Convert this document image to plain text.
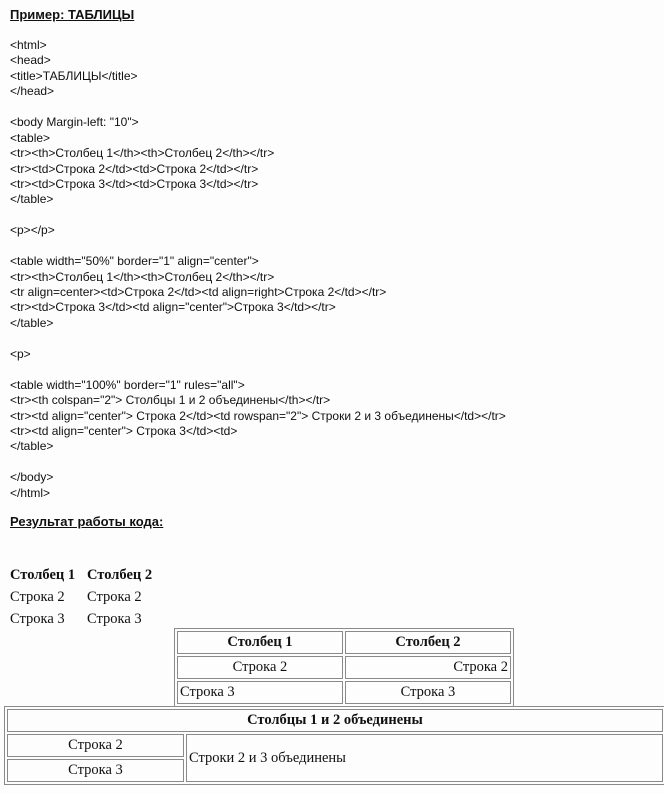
Пример: ТАБЛИЦЫ
<html>
<head>
<title>ТАБЛИЦЫ</title>
</head>
<body Margin-left: "10">
<table>
<tr><th>Столбец 1</th><th>Столбец 2</th></tr>
<tr><td>Строка 2</td><td>Строка 2</td></tr>
<tr><td>Строка 3</td><td>Строка 3</td></tr>
</table>
<p></p>
<table width="50%" border="1" align="center">
<tr><th>Столбец 1</th><th>Столбец 2</th></tr>
<tr align=center><td>Строка 2</td><td align=right>Строка 2</td></tr>
<tr><td>Строка 3</td><td align="center">Строка 3</td></tr>
</table>
<p>
<table width="100%" border="1" rules="all">
<tr><th colspan="2"> Столбцы 1 и 2 объединены</th></tr>
<tr><td align="center"> Строка 2</td><td rowspan="2"> Строки 2 и 3 объединены</td></tr>
<tr><td align="center"> Строка 3</td><td>
</table>
</body>
</html>
Результат работы кода:
Столбец 1	Столбец 2
Строка 2	Строка 2
Строка 3	Строка 3
Столбец 1	Столбец 2
Строка 2	Строка 2
Строка 3	Строка 3
Столбцы 1 и 2 объединены
Строка 2	Строки 2 и 3 объединены
Строка 3
